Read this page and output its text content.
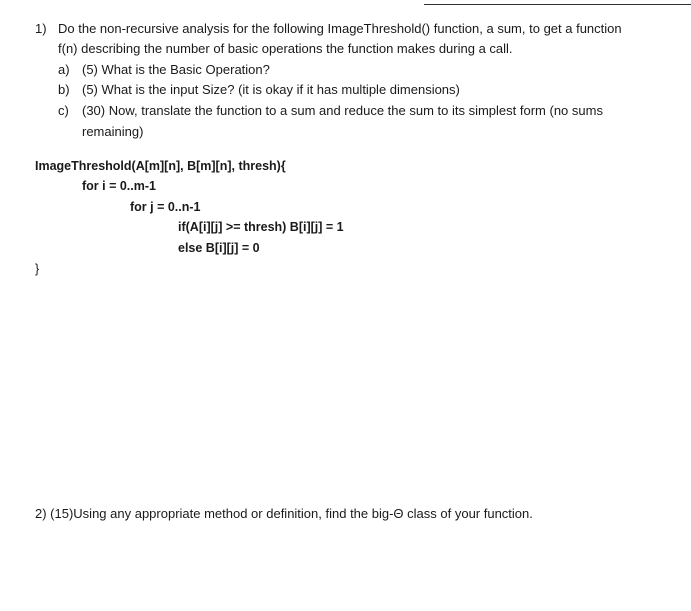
1) Do the non-recursive analysis for the following ImageThreshold() function, a sum, to get a function
f(n) describing the number of basic operations the function makes during a call.
a) (5) What is the Basic Operation?
b) (5) What is the input Size? (it is okay if it has multiple dimensions)
c) (30) Now, translate the function to a sum and reduce the sum to its simplest form (no sums
remaining)
ImageThreshold(A[m][n], B[m][n], thresh){
for i = 0..m-1
for j = 0..n-1
if(A[i][j] >= thresh) B[i][j] = 1
else B[i][j] = 0
}
2) (15)Using any appropriate method or definition, find the big-Θ class of your function.
